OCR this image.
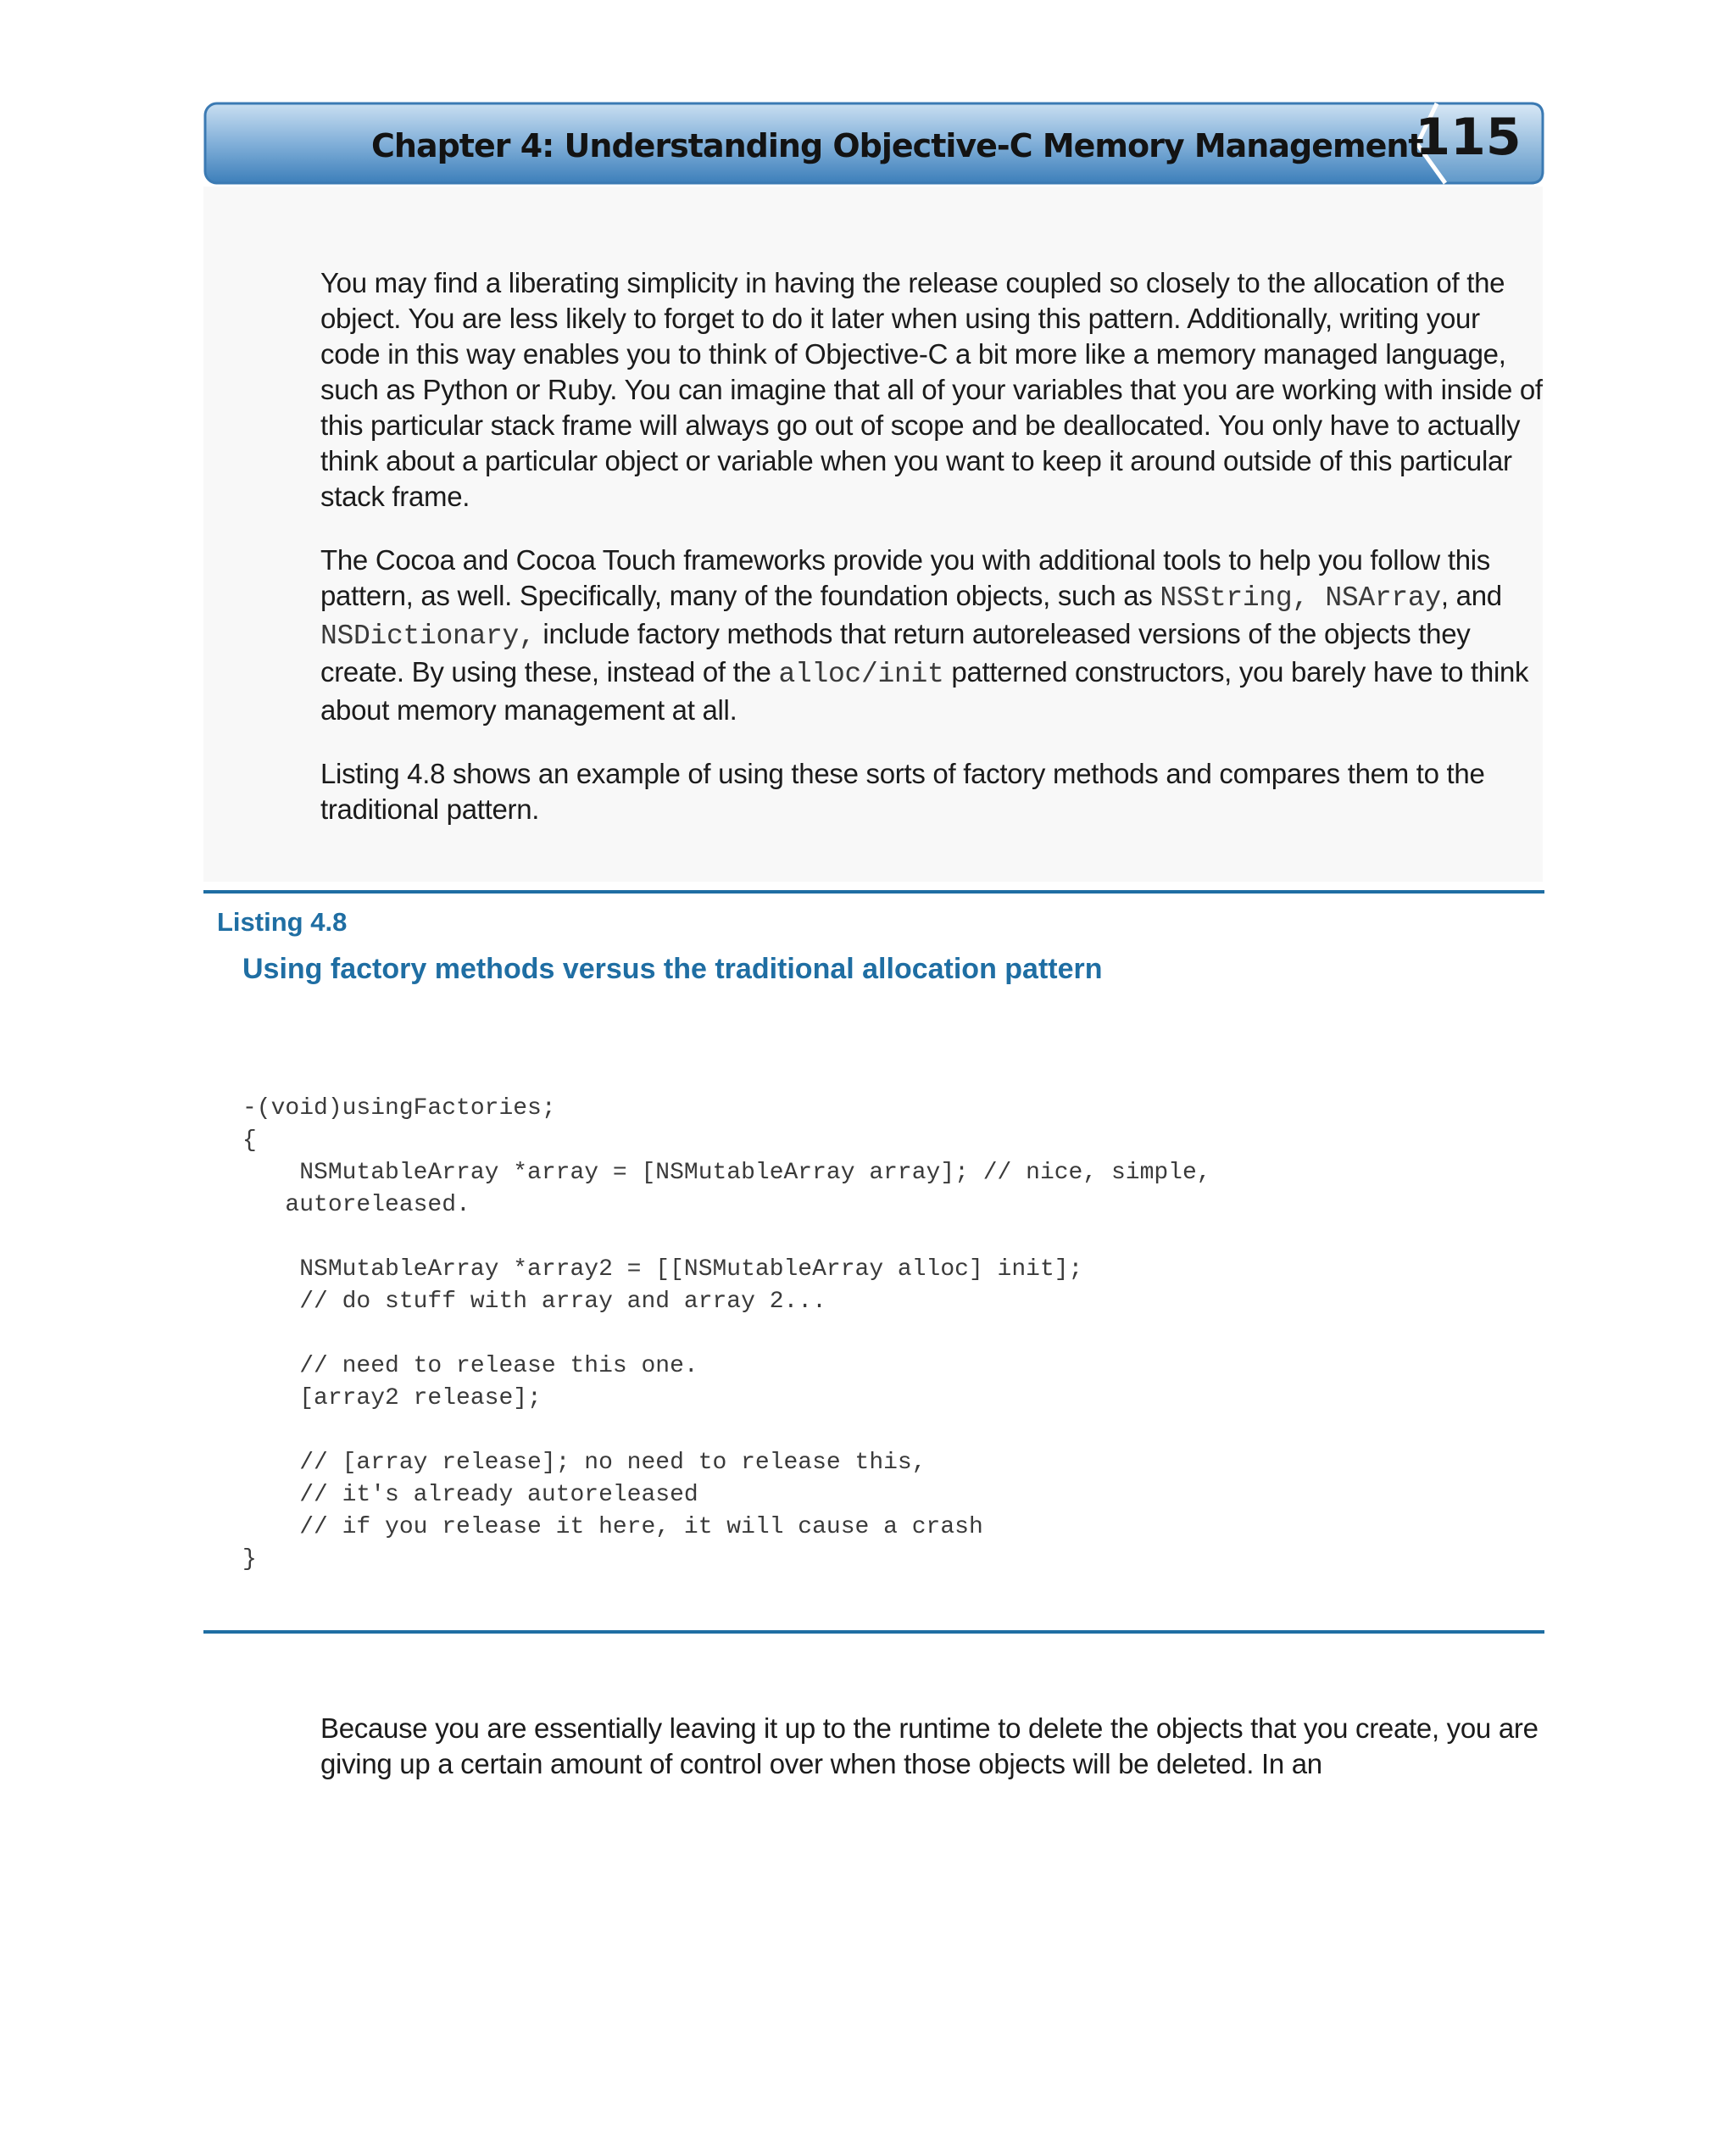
Chapter 4: Understanding Objective-C Memory Management
115

You may find a liberating simplicity in having the release coupled so closely to the allocation of the object. You are less likely to forget to do it later when using this pattern. Additionally, writing your code in this way enables you to think of Objective-C a bit more like a memory managed language, such as Python or Ruby. You can imagine that all of your variables that you are working with inside of this particular stack frame will always go out of scope and be deallocated. You only have to actually think about a particular object or variable when you want to keep it around outside of this particular stack frame.

The Cocoa and Cocoa Touch frameworks provide you with additional tools to help you follow this pattern, as well. Specifically, many of the foundation objects, such as NSString, NSArray, and NSDictionary, include factory methods that return autoreleased versions of the objects they create. By using these, instead of the alloc/init patterned constructors, you barely have to think about memory management at all.

Listing 4.8 shows an example of using these sorts of factory methods and compares them to the traditional pattern.

Listing 4.8
Using factory methods versus the traditional allocation pattern
-(void)usingFactories;
{
NSMutableArray *array = [NSMutableArray array]; // nice, simple,
autoreleased.
NSMutableArray *array2 = [[NSMutableArray alloc] init];
// do stuff with array and array 2...
// need to release this one.
[array2 release];
// [array release]; no need to release this,
// it's already autoreleased
// if you release it here, it will cause a crash
}

Because you are essentially leaving it up to the runtime to delete the objects that you create, you are giving up a certain amount of control over when those objects will be deleted. In an
